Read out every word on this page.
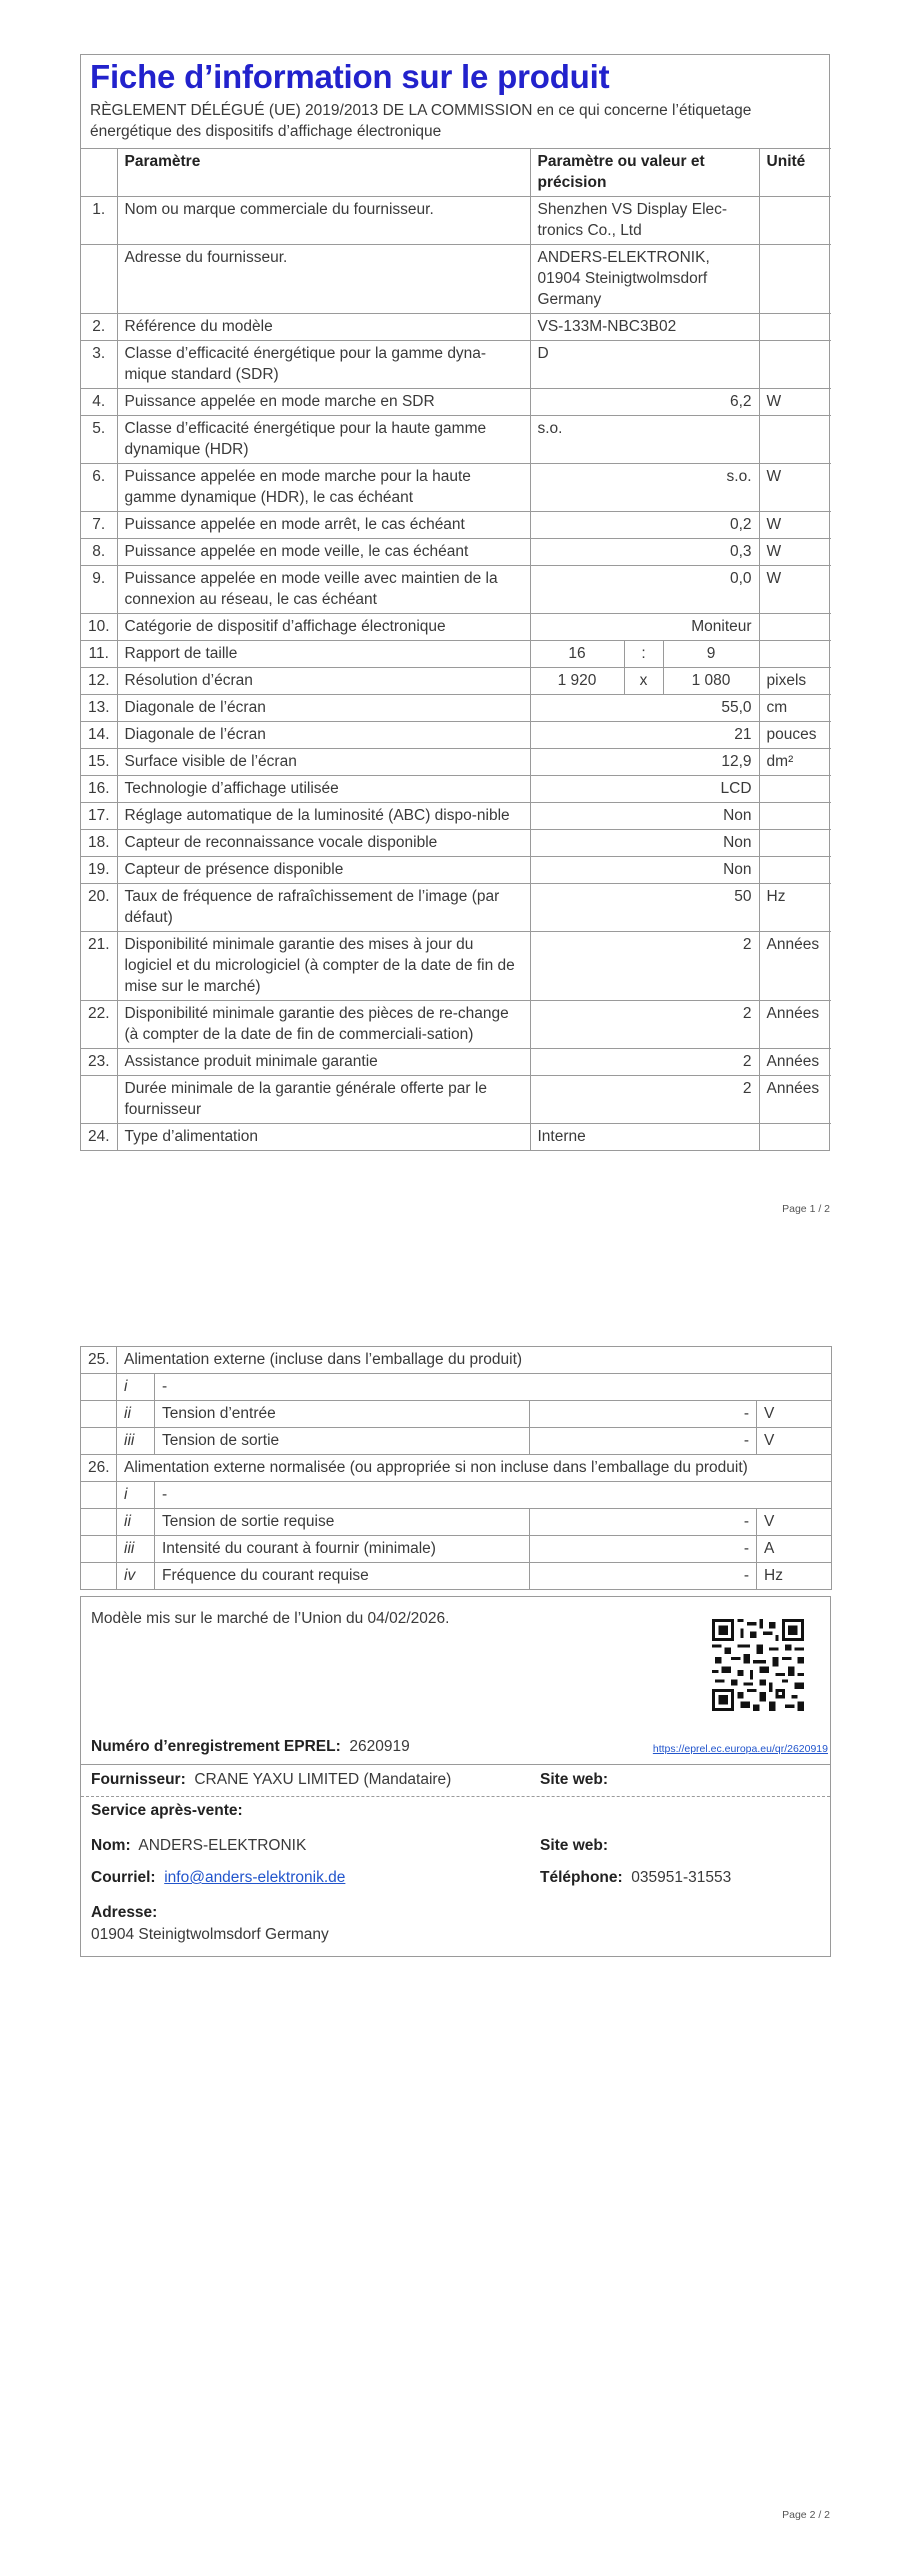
Fiche d’information sur le produit
RÈGLEMENT DÉLÉGUÉ (UE) 2019/2013 DE LA COMMISSION en ce qui concerne l’étiquetage énergétique des dispositifs d’affichage électronique
	Paramètre	Paramètre ou valeur et précision			Unité
1.	Nom ou marque commerciale du fournisseur.	Shenzhen VS Display Elec-tronics Co., Ltd			
	Adresse du fournisseur.	ANDERS-ELEKTRONIK, 01904 Steinigtwolmsdorf Germany			
2.	Référence du modèle	VS-133M-NBC3B02			
3.	Classe d’efficacité énergétique pour la gamme dyna-mique standard (SDR)	D			
4.	Puissance appelée en mode marche en SDR	6,2			W
5.	Classe d’efficacité énergétique pour la haute gamme dynamique (HDR)	s.o.			
6.	Puissance appelée en mode marche pour la haute gamme dynamique (HDR), le cas échéant	s.o.			W
7.	Puissance appelée en mode arrêt, le cas échéant	0,2			W
8.	Puissance appelée en mode veille, le cas échéant	0,3			W
9.	Puissance appelée en mode veille avec maintien de la connexion au réseau, le cas échéant	0,0			W
10.	Catégorie de dispositif d’affichage électronique	Moniteur			
11.	Rapport de taille	16	:	9	
12.	Résolution d’écran	1 920	x	1 080	pixels
13.	Diagonale de l’écran	55,0			cm
14.	Diagonale de l’écran	21			pouces
15.	Surface visible de l’écran	12,9			dm²
16.	Technologie d’affichage utilisée	LCD			
17.	Réglage automatique de la luminosité (ABC) dispo-nible	Non			
18.	Capteur de reconnaissance vocale disponible	Non			
19.	Capteur de présence disponible	Non			
20.	Taux de fréquence de rafraîchissement de l’image (par défaut)	50			Hz
21.	Disponibilité minimale garantie des mises à jour du logiciel et du micrologiciel (à compter de la date de fin de mise sur le marché)	2			Années
22.	Disponibilité minimale garantie des pièces de re-change (à compter de la date de fin de commerciali-sation)	2			Années
23.	Assistance produit minimale garantie	2			Années
	Durée minimale de la garantie générale offerte par le fournisseur	2			Années
24.	Type d’alimentation	Interne			
Page 1 / 2
25.	Alimentation externe (incluse dans l’emballage du produit)			
	i	-		
	ii	Tension d’entrée	-	V
	iii	Tension de sortie	-	V
26.	Alimentation externe normalisée (ou appropriée si non incluse dans l’emballage du produit)			
	i	-		
	ii	Tension de sortie requise	-	V
	iii	Intensité du courant à fournir (minimale)	-	A
	iv	Fréquence du courant requise	-	Hz
Modèle mis sur le marché de l’Union du 04/02/2026.
Numéro d’enregistrement EPREL: 2620919	https://eprel.ec.europa.eu/qr/2620919
Fournisseur: CRANE YAXU LIMITED (Mandataire)	Site web:
Service après-vente:
Nom: ANDERS-ELEKTRONIK	Site web:
Courriel: info@anders-elektronik.de	Téléphone: 035951-31553
Adresse:
01904 Steinigtwolmsdorf Germany
Page 2 / 2
